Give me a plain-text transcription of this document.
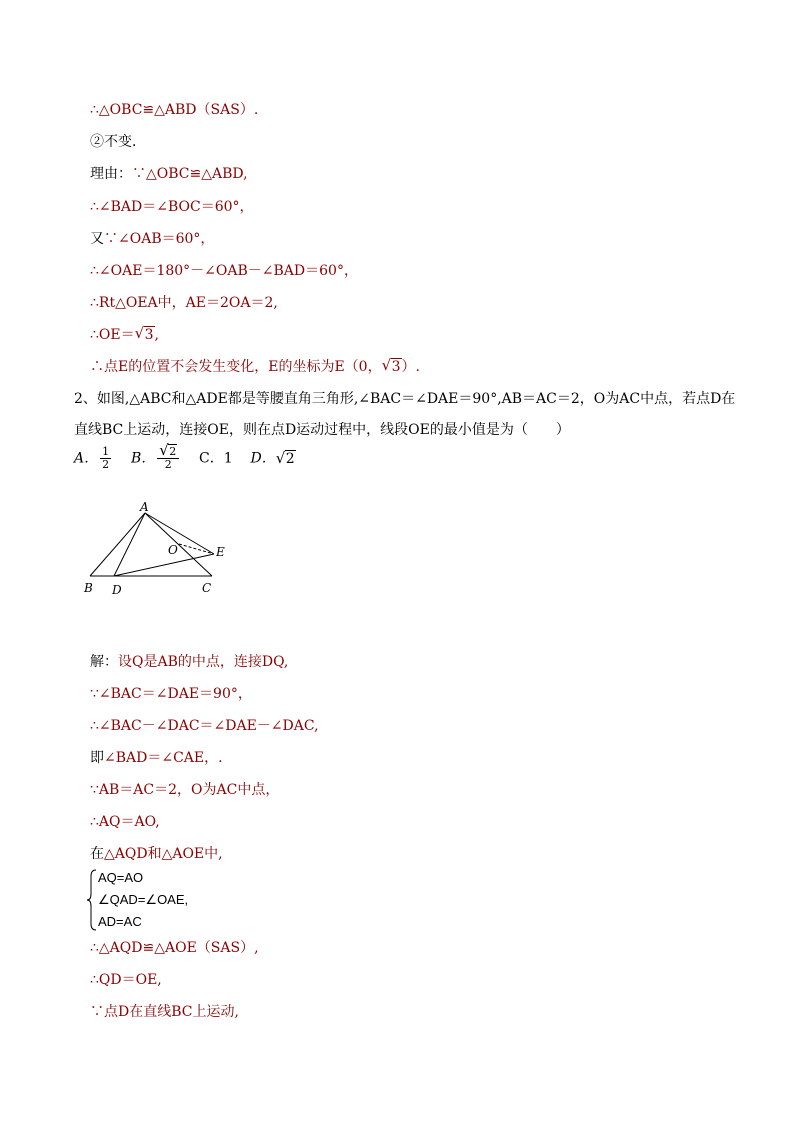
∴△OBC≌△ABD（SAS）.
②不变．
理由：∵△OBC≌△ABD,
∴∠BAD＝∠BOC＝60°，
又∵∠OAB＝60°，
∴∠OAE＝180°－∠OAB－∠BAD＝60°，
∴Rt△OEA中，AE＝2OA＝2,
∴OE＝ √ 3,
∴点E的位置不会发生变化，E的坐标为E（0， √ 3）.
2、如图,△ABC和△ADE都是等腰直角三角形,∠BAC＝∠DAE＝90°,AB＝AC＝2，O为AC中点，若点D在
直线BC上运动，连接OE，则在点D运动过程中，线段OE的最小值是为（　　）
A． $\frac{1}{2}$ B． √ $\frac{2}{2}$ C．1 D． √ 2
A
B	C
D
E
O
解：设Q是AB的中点，连接DQ,
∵∠BAC＝∠DAE＝90°，
∴∠BAC－∠DAC＝∠DAE－∠DAC,
即∠BAD＝∠CAE，.
∵AB＝AC＝2，O为AC中点，
∴AQ＝AO,
在△AQD和△AOE中,
AQ=AO
∠QAD=∠OAE,
AD=AC
∴△AQD≌△AOE（SAS）,
∴QD＝OE,
∵点D在直线BC上运动,
